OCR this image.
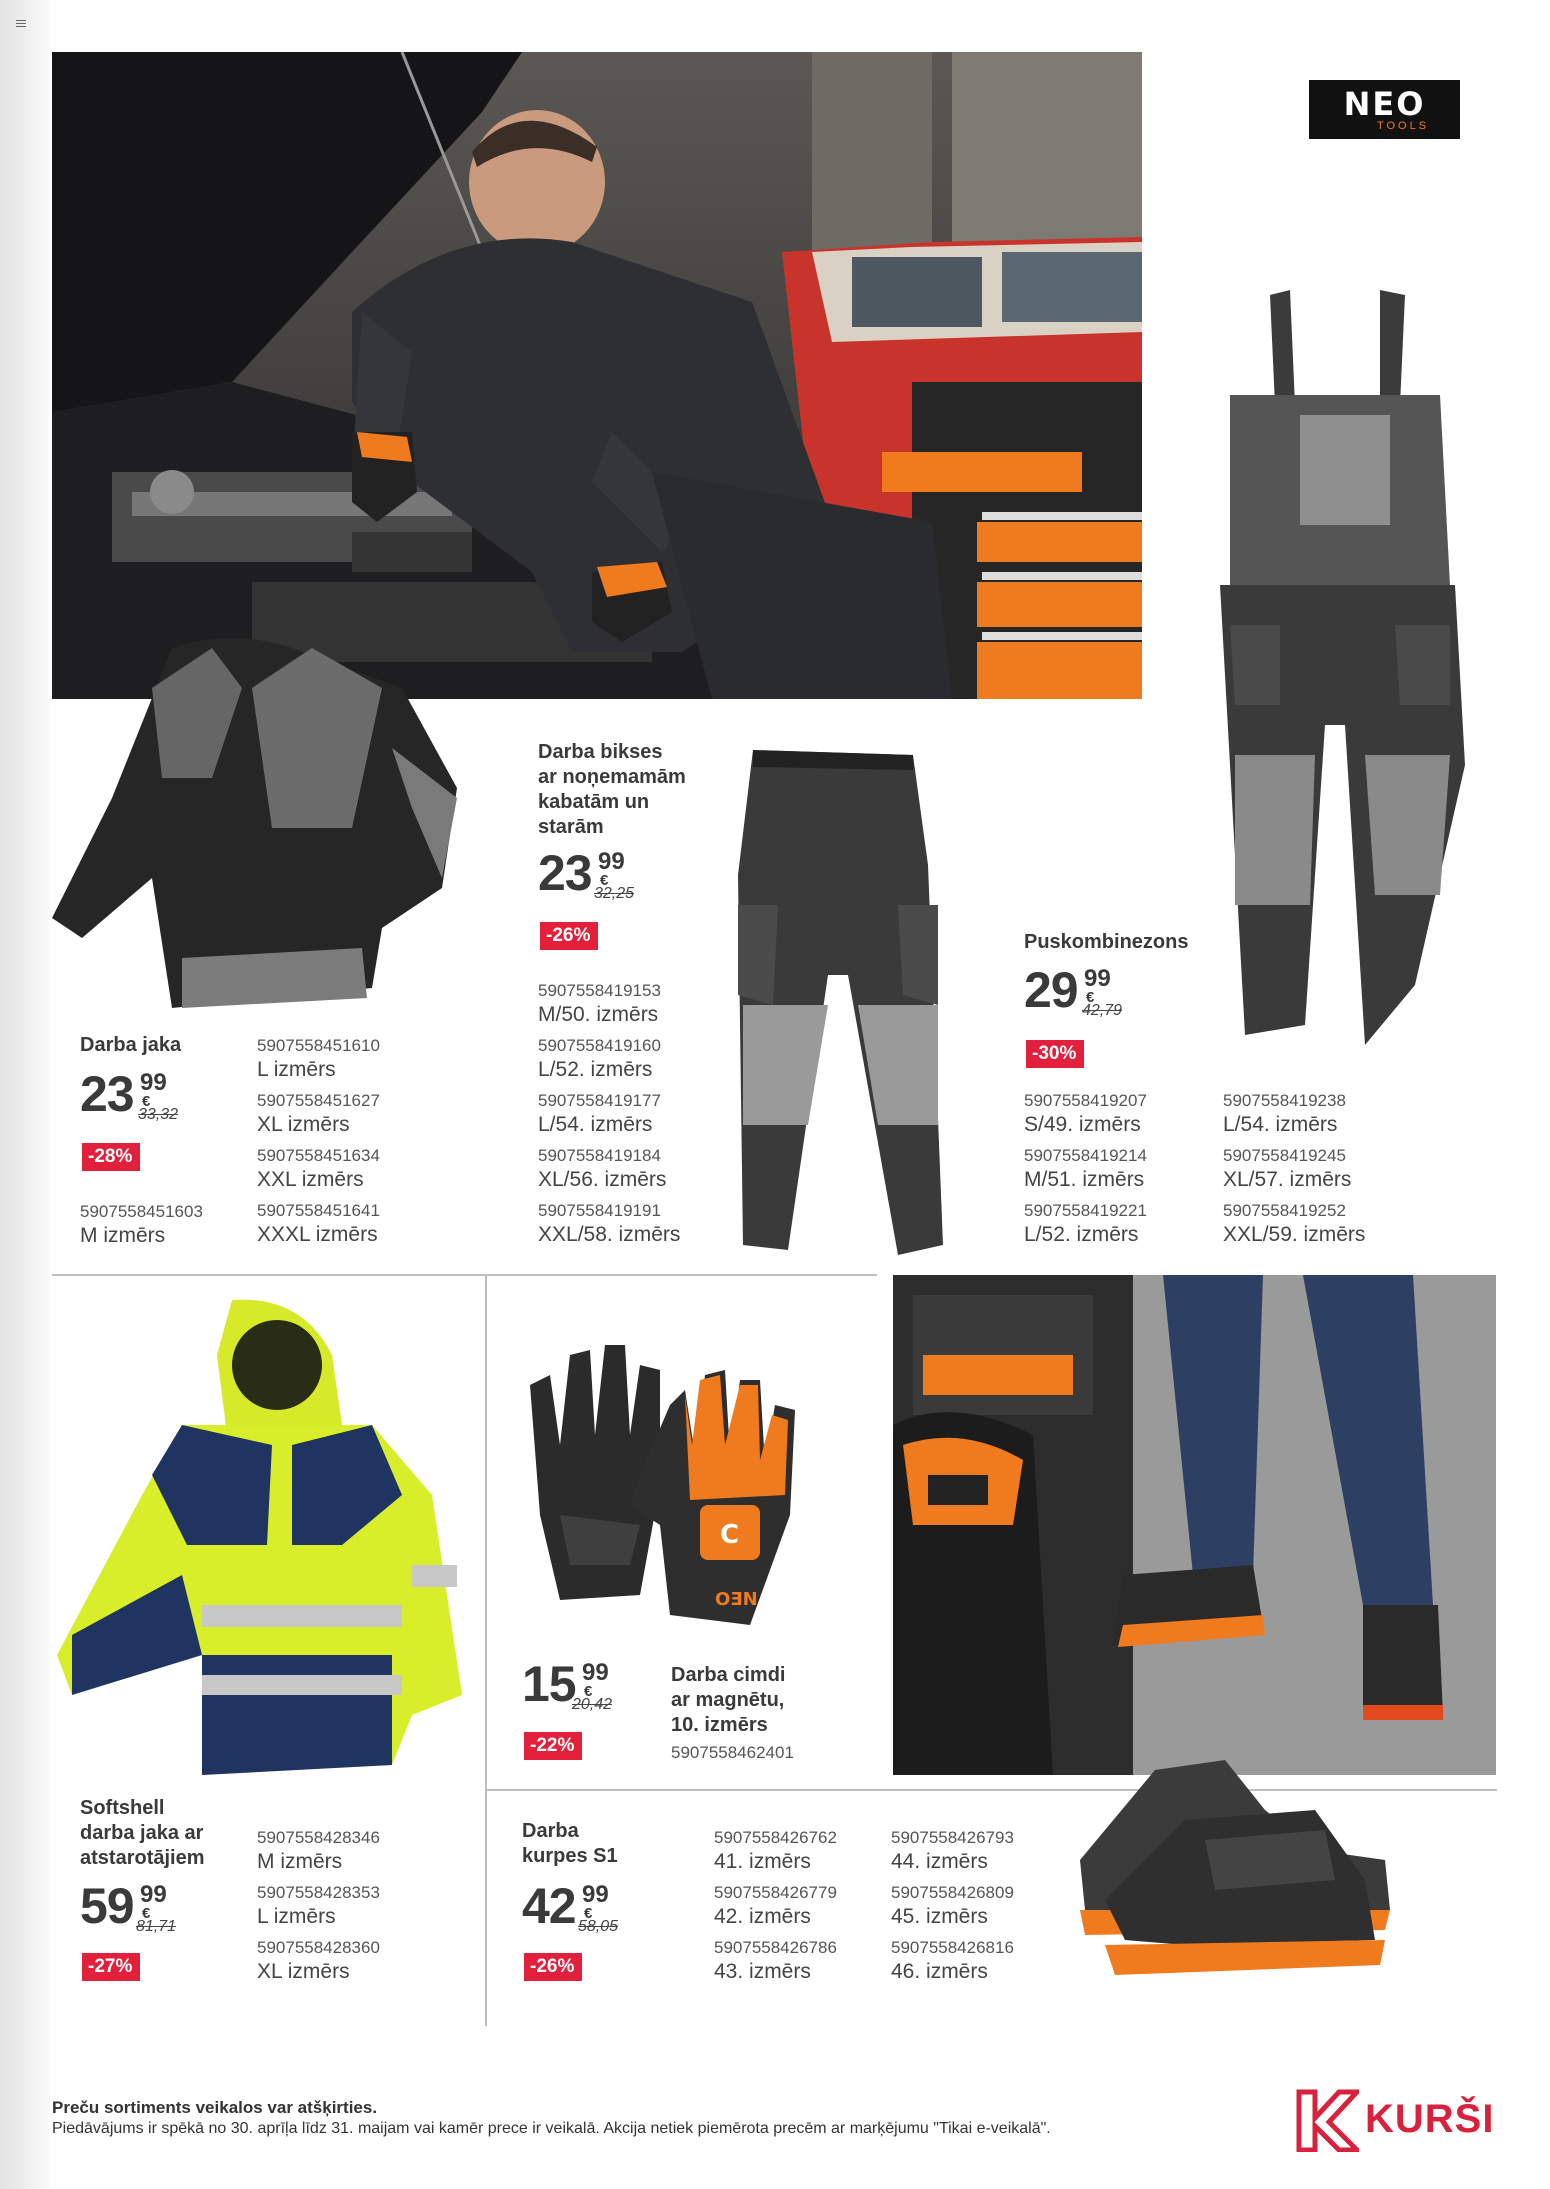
NEO
TOOLS
Darba jaka
23 99
€
33,32
-28%
5907558451603
M izmērs
5907558451610
L izmērs
5907558451627
XL izmērs
5907558451634
XXL izmērs
5907558451641
XXXL izmērs
Darba bikses
ar noņemamām
kabatām un
starām
23 99
€
32,25
-26%
5907558419153
M/50. izmērs
5907558419160
L/52. izmērs
5907558419177
L/54. izmērs
5907558419184
XL/56. izmērs
5907558419191
XXL/58. izmērs
Puskombinezons
29 99
€
42,79
-30%
5907558419207
S/49. izmērs
5907558419214
M/51. izmērs
5907558419221
L/52. izmērs
5907558419238
L/54. izmērs
5907558419245
XL/57. izmērs
5907558419252
XXL/59. izmērs
Softshell
darba jaka ar
atstarotājiem
59 99
€
81,71
-27%
5907558428346
M izmērs
5907558428353
L izmērs
5907558428360
XL izmērs
C
OƎN
15 99
€
20,42
-22%
Darba cimdi
ar magnētu,
10. izmērs
5907558462401
Darba
kurpes S1
42 99
€
58,05
-26%
5907558426762
41. izmērs
5907558426779
42. izmērs
5907558426786
43. izmērs
5907558426793
44. izmērs
5907558426809
45. izmērs
5907558426816
46. izmērs
Preču sortiments veikalos var atšķirties.
Piedāvājums ir spēkā no 30. aprīļa līdz 31. maijam vai kamēr prece ir veikalā. Akcija netiek piemērota precēm ar marķējumu "Tikai e-veikalā".	KURŠI
